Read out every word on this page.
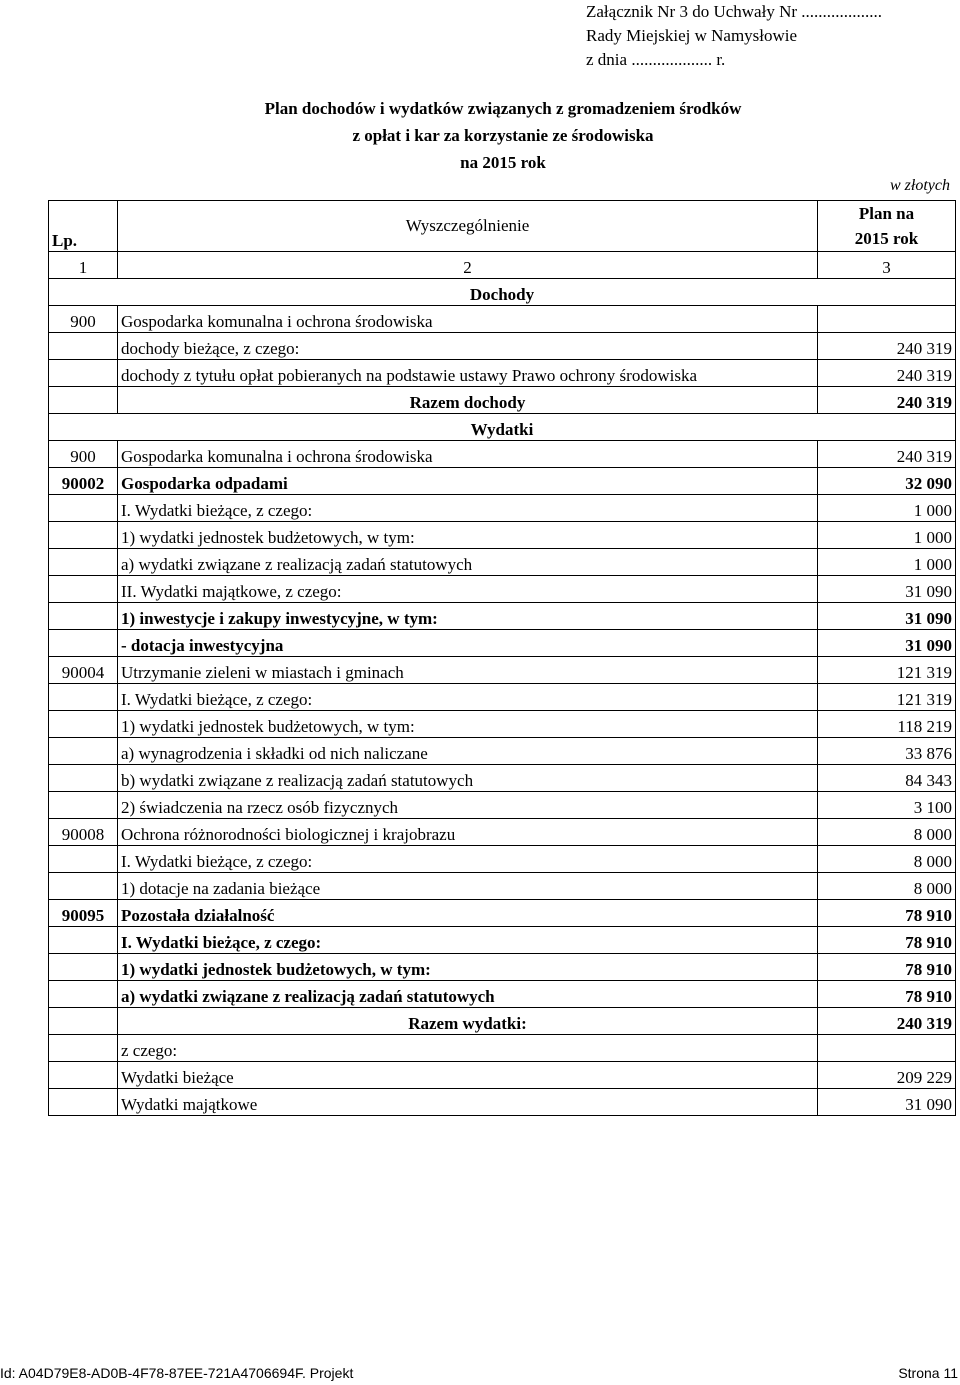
Załącznik Nr 3 do Uchwały Nr ...................
Rady Miejskiej w Namysłowie
z dnia ................... r.
Plan dochodów i wydatków związanych z gromadzeniem środków
z opłat i kar za korzystanie ze środowiska
na 2015 rok
w złotych
Lp.	Wyszczególnienie	Plan na
2015 rok

1	2	3
Dochody		
900	Gospodarka komunalna i ochrona środowiska	
	dochody bieżące, z czego:	240 319
	dochody z tytułu opłat pobieranych na podstawie ustawy Prawo ochrony środowiska	240 319
	Razem dochody	240 319
Wydatki		
900	Gospodarka komunalna i ochrona środowiska	240 319
90002	Gospodarka odpadami	32 090
	I. Wydatki bieżące, z czego:	1 000
	1) wydatki jednostek budżetowych, w tym:	1 000
	a) wydatki związane z realizacją zadań statutowych	1 000
	II. Wydatki majątkowe, z czego:	31 090
	1) inwestycje i zakupy inwestycyjne, w tym:	31 090
	- dotacja inwestycyjna	31 090
90004	Utrzymanie zieleni w miastach i gminach	121 319
	I. Wydatki bieżące, z czego:	121 319
	1) wydatki jednostek budżetowych, w tym:	118 219
	a) wynagrodzenia i składki od nich naliczane	33 876
	b) wydatki związane z realizacją zadań statutowych	84 343
	2) świadczenia na rzecz osób fizycznych	3 100
90008	Ochrona różnorodności biologicznej i krajobrazu	8 000
	I. Wydatki bieżące, z czego:	8 000
	1) dotacje na zadania bieżące	8 000
90095	Pozostała działalność	78 910
	I. Wydatki bieżące, z czego:	78 910
	1) wydatki jednostek budżetowych, w tym:	78 910
	a) wydatki związane z realizacją zadań statutowych	78 910
	Razem wydatki:	240 319
	z czego:	
	Wydatki bieżące	209 229
	Wydatki majątkowe	31 090
Id: A04D79E8-AD0B-4F78-87EE-721A4706694F. Projekt	Strona 11
